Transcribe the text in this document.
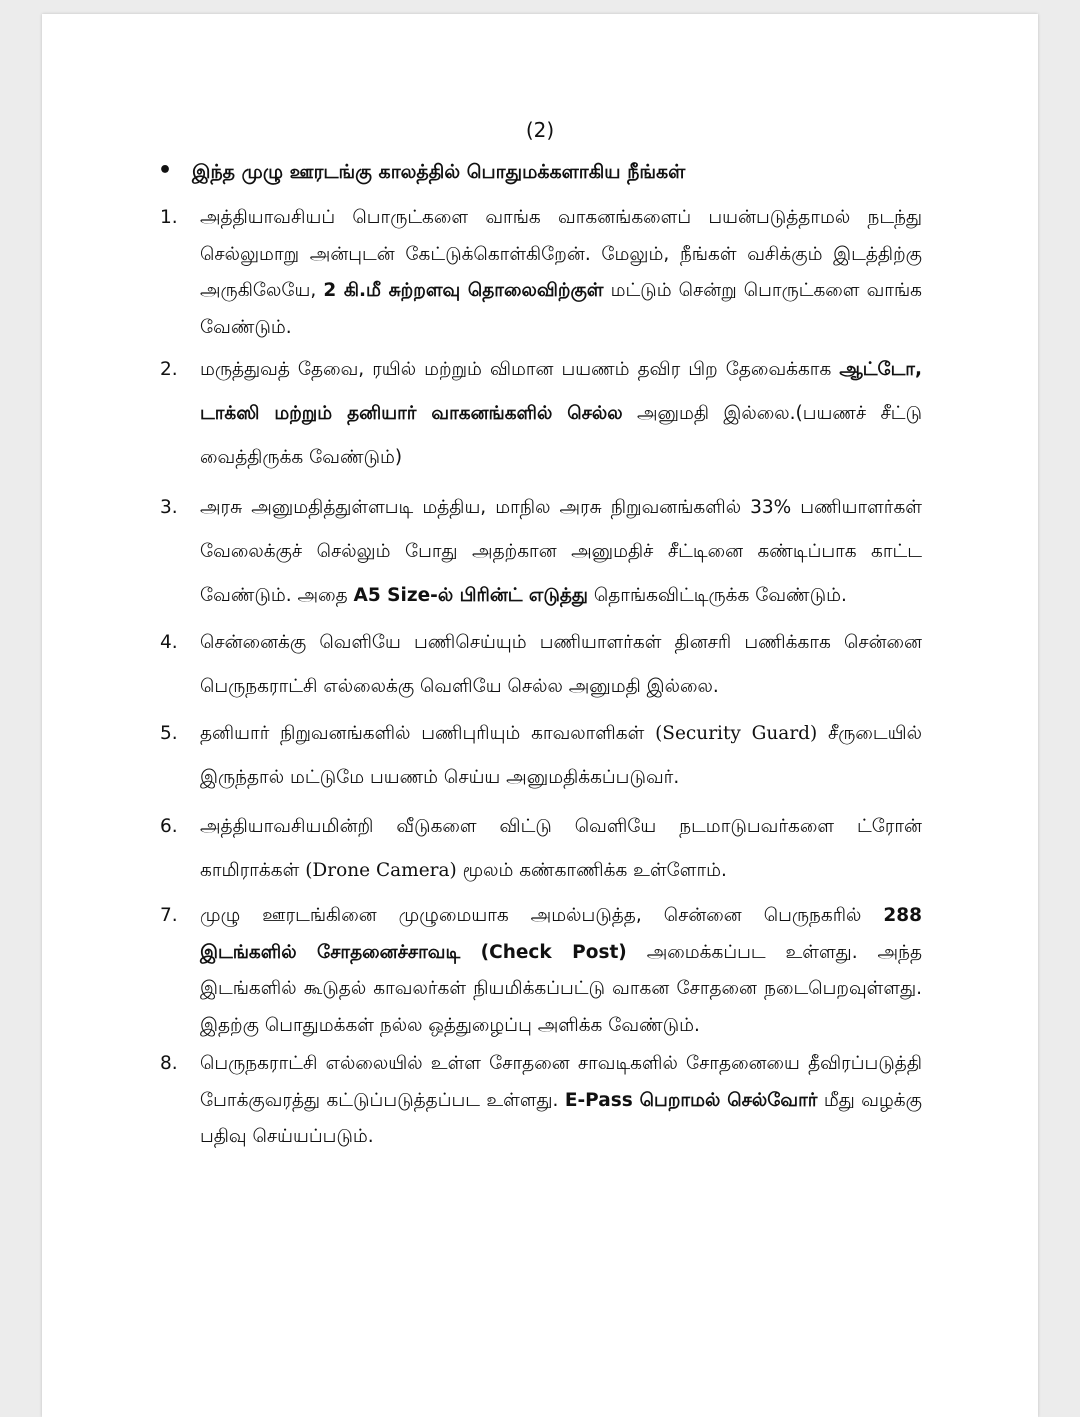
(2)
•	இந்த முழு ஊரடங்கு காலத்தில் பொதுமக்களாகிய நீங்கள்
1.	அத்தியாவசியப் பொருட்களை வாங்க வாகனங்களைப் பயன்படுத்தாமல் நடந்து செல்லுமாறு அன்புடன் கேட்டுக்கொள்கிறேன். மேலும், நீங்கள் வசிக்கும் இடத்திற்கு அருகிலேயே, 2 கி.மீ சுற்றளவு தொலைவிற்குள் மட்டும் சென்று பொருட்களை வாங்க வேண்டும்.
2.	மருத்துவத் தேவை, ரயில் மற்றும் விமான பயணம் தவிர பிற தேவைக்காக ஆட்டோ, டாக்ஸி மற்றும் தனியார் வாகனங்களில் செல்ல அனுமதி இல்லை.(பயணச் சீட்டு வைத்திருக்க வேண்டும்)
3.	அரசு அனுமதித்துள்ளபடி மத்திய, மாநில அரசு நிறுவனங்களில் 33% பணியாளர்கள் வேலைக்குச் செல்லும் போது அதற்கான அனுமதிச் சீட்டினை கண்டிப்பாக காட்ட வேண்டும். அதை A5 Size-ல் பிரின்ட் எடுத்து தொங்கவிட்டிருக்க வேண்டும்.
4.	சென்னைக்கு வெளியே பணிசெய்யும் பணியாளர்கள் தினசரி பணிக்காக சென்னை பெருநகராட்சி எல்லைக்கு வெளியே செல்ல அனுமதி இல்லை.
5.	தனியார் நிறுவனங்களில் பணிபுரியும் காவலாளிகள் (Security Guard) சீருடையில் இருந்தால் மட்டுமே பயணம் செய்ய அனுமதிக்கப்படுவர்.
6.	அத்தியாவசியமின்றி வீடுகளை விட்டு வெளியே நடமாடுபவர்களை ட்ரோன் காமிராக்கள் (Drone Camera) மூலம் கண்காணிக்க உள்ளோம்.
7.	முழு ஊரடங்கினை முழுமையாக அமல்படுத்த, சென்னை பெருநகரில் 288 இடங்களில் சோதனைச்சாவடி (Check Post) அமைக்கப்பட உள்ளது. அந்த இடங்களில் கூடுதல் காவலர்கள் நியமிக்கப்பட்டு வாகன சோதனை நடைபெறவுள்ளது. இதற்கு பொதுமக்கள் நல்ல ஒத்துழைப்பு அளிக்க வேண்டும்.
8.	பெருநகராட்சி எல்லையில் உள்ள சோதனை சாவடிகளில் சோதனையை தீவிரப்படுத்தி போக்குவரத்து கட்டுப்படுத்தப்பட உள்ளது. E-Pass பெறாமல் செல்வோர் மீது வழக்கு பதிவு செய்யப்படும்.
